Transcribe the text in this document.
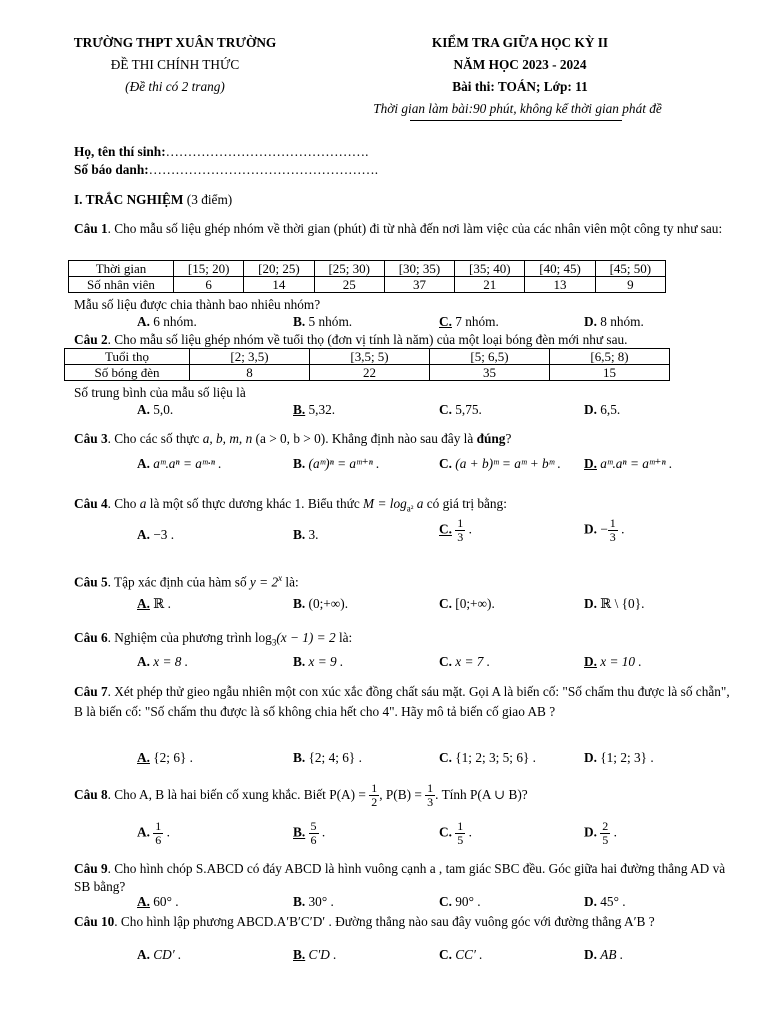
TRƯỜNG THPT XUÂN TRƯỜNG
ĐỀ THI CHÍNH THỨC
(Đề thi có 2 trang)
KIỂM TRA GIỮA HỌC KỲ II
NĂM HỌC 2023 - 2024
Bài thi: TOÁN; Lớp: 11
Thời gian làm bài:90 phút, không kể thời gian phát đề
Họ, tên thí sinh:……………………………………….
Số báo danh:…………………………………………….
I. TRẮC NGHIỆM (3 điểm)
Câu 1. Cho mẫu số liệu ghép nhóm về thời gian (phút) đi từ nhà đến nơi làm việc của các nhân viên một công ty như sau:
Thời gian	[15; 20)	[20; 25)	[25; 30)	[30; 35)	[35; 40)	[40; 45)	[45; 50)
Số nhân viên	6	14	25	37	21	13	9
Mẫu số liệu được chia thành bao nhiêu nhóm?
A. 6 nhóm.	B. 5 nhóm.	C. 7 nhóm.	D. 8 nhóm.
Câu 2. Cho mẫu số liệu ghép nhóm về tuổi thọ (đơn vị tính là năm) của một loại bóng đèn mới như sau.
Tuổi thọ	[2; 3,5)	[3,5; 5)	[5; 6,5)	[6,5; 8)
Số bóng đèn	8	22	35	15
Số trung bình của mẫu số liệu là
A. 5,0.	B. 5,32.	C. 5,75.	D. 6,5.
Câu 3. Cho các số thực a, b, m, n (a > 0, b > 0). Khẳng định nào sau đây là đúng?
A. aᵐ.aⁿ = aᵐ·ⁿ .	B. (aᵐ)ⁿ = aᵐ⁺ⁿ .	C. (a + b)ᵐ = aᵐ + bᵐ . D. aᵐ.aⁿ = aᵐ⁺ⁿ .
Câu 4. Cho a là một số thực dương khác 1. Biểu thức $M = \log_{a^2} a$ có giá trị bằng:
A. −3 .	B. 3.	C. $\frac{1}{3}$ .	D. − $\frac{1}{3}$ .
Câu 5. Tập xác định của hàm số $y = 2^x$ là:
A. ℝ .	B. (0;+∞).	C. [0;+∞).	D. ℝ \ {0}.
Câu 6. Nghiệm của phương trình $\log_3(x - 1) = 2$ là:
A. x = 8 .	B. x = 9 .	C. x = 7 .	D. x = 10 .
Câu 7. Xét phép thử gieo ngẫu nhiên một con xúc xắc đồng chất sáu mặt. Gọi A là biến cố: "Số chấm thu được là số chẵn", B là biến cố: "Số chấm thu được là số không chia hết cho 4". Hãy mô tả biến cố giao AB ?
A. {2; 6} .	B. {2; 4; 6} .	C. {1; 2; 3; 5; 6} .	D. {1; 2; 3} .
Câu 8. Cho A, B là hai biến cố xung khắc. Biết $P(A) = \frac{1}{2}$ , $P(B) = \frac{1}{3}$ . Tính P(A ∪ B)?
A. $\frac{1}{6}$ .	B. $\frac{5}{6}$ .	C. $\frac{1}{5}$ .	D. $\frac{2}{5}$ .
Câu 9. Cho hình chóp S.ABCD có đáy ABCD là hình vuông cạnh a , tam giác SBC đều. Góc giữa hai đường thẳng AD và SB bằng?
A. 60° .	B. 30° .	C. 90° .	D. 45° .
Câu 10. Cho hình lập phương ABCD.A′B′C′D′ . Đường thẳng nào sau đây vuông góc với đường thẳng A′B ?
A. CD′ .	B. C′D .	C. CC′ .	D. AB .
